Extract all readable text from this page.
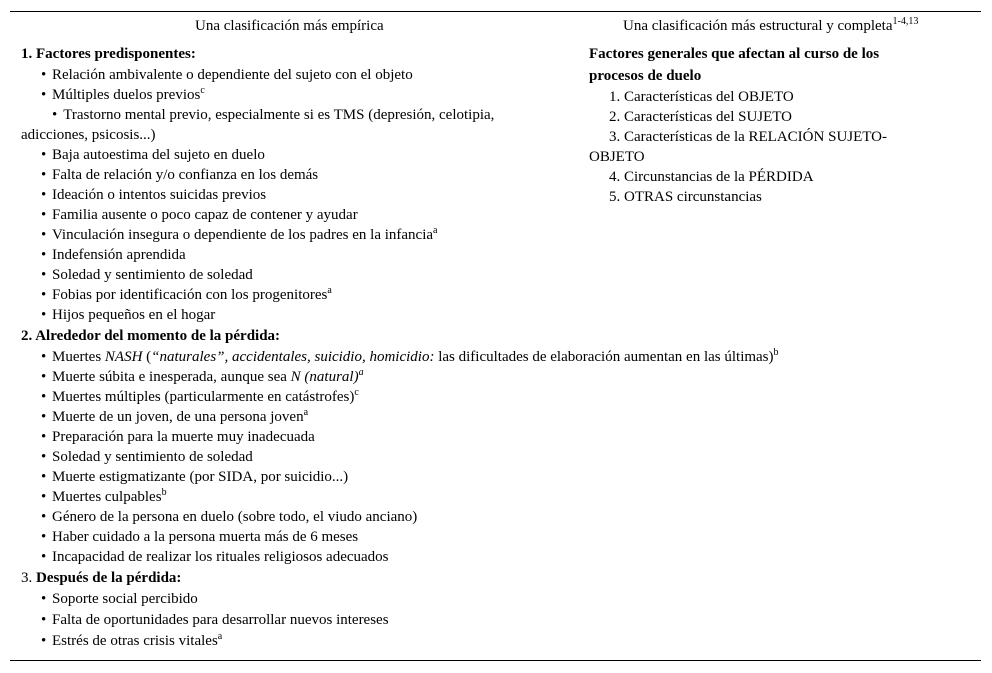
Una clasificación más empírica	Una clasificación más estructural y completa$^{1-4,13}$
1. Factores predisponentes:
• Relación ambivalente o dependiente del sujeto con el objeto
• Múltiples duelos previos$^c$
• Trastorno mental previo, especialmente si es TMS (depresión, celotipia, adicciones, psicosis...)
• Baja autoestima del sujeto en duelo
• Falta de relación y/o confianza en los demás
• Ideación o intentos suicidas previos
• Familia ausente o poco capaz de contener y ayudar
• Vinculación insegura o dependiente de los padres en la infancia$^a$
• Indefensión aprendida
• Soledad y sentimiento de soledad
• Fobias por identificación con los progenitores$^a$
• Hijos pequeños en el hogar
2. Alrededor del momento de la pérdida:
• Muertes NASH (“naturales”, accidentales, suicidio, homicidio: las dificultades de elaboración aumentan en las últimas)$^b$
• Muerte súbita e inesperada, aunque sea N (natural)$^a$
• Muertes múltiples (particularmente en catástrofes)$^c$
• Muerte de un joven, de una persona joven$^a$
• Preparación para la muerte muy inadecuada
• Soledad y sentimiento de soledad
• Muerte estigmatizante (por SIDA, por suicidio...)
• Muertes culpables$^b$
• Género de la persona en duelo (sobre todo, el viudo anciano)
• Haber cuidado a la persona muerta más de 6 meses
• Incapacidad de realizar los rituales religiosos adecuados
3. Después de la pérdida:
• Soporte social percibido
• Falta de oportunidades para desarrollar nuevos intereses
• Estrés de otras crisis vitales$^a$
Factores generales que afectan al curso de los procesos de duelo
1. Características del OBJETO
2. Características del SUJETO
3. Características de la RELACIÓN SUJETO-OBJETO
4. Circunstancias de la PÉRDIDA
5. OTRAS circunstancias
